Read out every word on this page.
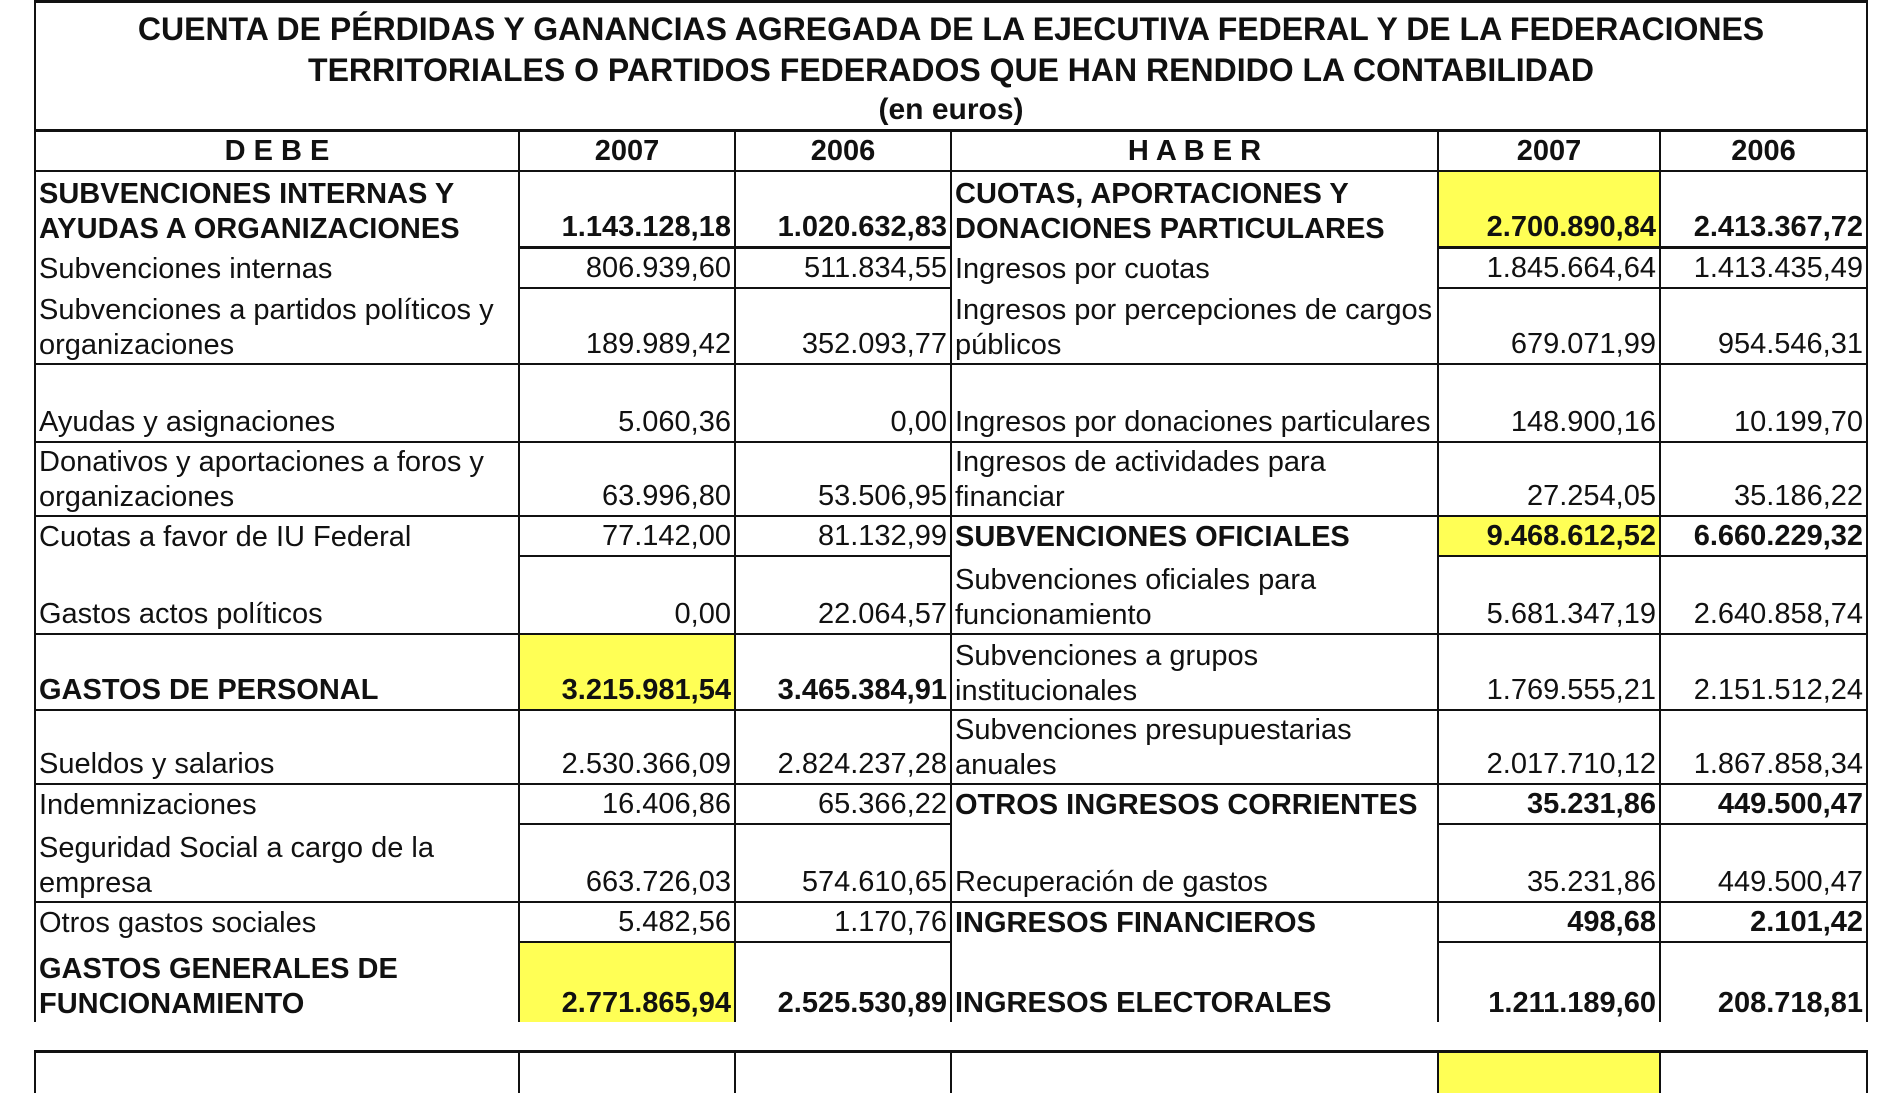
CUENTA DE PÉRDIDAS Y GANANCIAS AGREGADA DE LA EJECUTIVA FEDERAL Y DE LA FEDERACIONES
TERRITORIALES O PARTIDOS FEDERADOS QUE HAN RENDIDO LA CONTABILIDAD
(en euros)					

D E B E	2007	2006	H A B E R	2007	2006
SUBVENCIONES INTERNAS Y AYUDAS A ORGANIZACIONES	1.143.128,18	1.020.632,83	CUOTAS, APORTACIONES Y DONACIONES PARTICULARES	2.700.890,84	2.413.367,72
Subvenciones internas	806.939,60	511.834,55	Ingresos por cuotas	1.845.664,64	1.413.435,49
Subvenciones a partidos políticos y organizaciones	189.989,42	352.093,77	Ingresos por percepciones de cargos públicos	679.071,99	954.546,31
Ayudas y asignaciones	5.060,36	0,00	Ingresos por donaciones particulares	148.900,16	10.199,70
Donativos y aportaciones a foros y organizaciones	63.996,80	53.506,95	Ingresos de actividades para financiar	27.254,05	35.186,22
Cuotas a favor de IU Federal	77.142,00	81.132,99	SUBVENCIONES OFICIALES	9.468.612,52	6.660.229,32
Gastos actos políticos	0,00	22.064,57	Subvenciones oficiales para funcionamiento	5.681.347,19	2.640.858,74
GASTOS DE PERSONAL	3.215.981,54	3.465.384,91	Subvenciones a grupos institucionales	1.769.555,21	2.151.512,24
Sueldos y salarios	2.530.366,09	2.824.237,28	Subvenciones presupuestarias anuales	2.017.710,12	1.867.858,34
Indemnizaciones	16.406,86	65.366,22	OTROS INGRESOS CORRIENTES	35.231,86	449.500,47
Seguridad Social a cargo de la empresa	663.726,03	574.610,65	Recuperación de gastos	35.231,86	449.500,47
Otros gastos sociales	5.482,56	1.170,76	INGRESOS FINANCIEROS	498,68	2.101,42
GASTOS GENERALES DE FUNCIONAMIENTO	2.771.865,94	2.525.530,89	INGRESOS ELECTORALES	1.211.189,60	208.718,81
